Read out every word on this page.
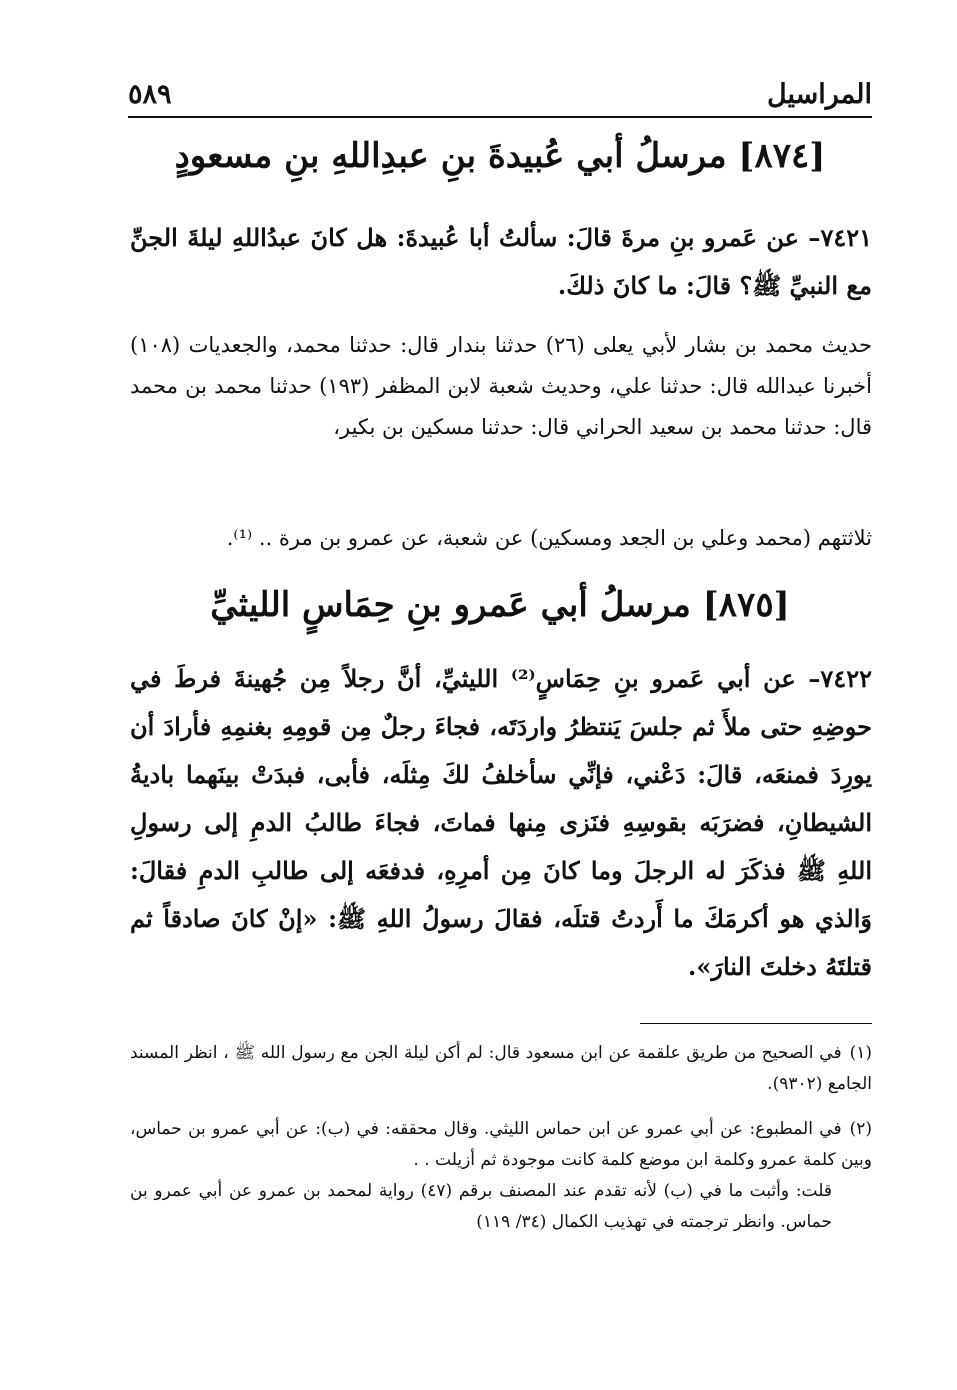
٥٨٩	المراسيل
[٨٧٤] مرسلُ أبي عُبيدةَ بنِ عبدِاللهِ بنِ مسعودٍ
٧٤٢١– عن عَمرو بنِ مرةَ قالَ: سألتُ أبا عُبيدةَ: هل كانَ عبدُاللهِ ليلةَ الجنِّ مع النبيِّ ﷺ؟ قالَ: ما كانَ ذلكَ.
حديث محمد بن بشار لأبي يعلى (٢٦) حدثنا بندار قال: حدثنا محمد، والجعديات (١٠٨) أخبرنا عبدالله قال: حدثنا علي، وحديث شعبة لابن المظفر (١٩٣) حدثنا محمد بن محمد قال: حدثنا محمد بن سعيد الحراني قال: حدثنا مسكين بن بكير،
ثلاثتهم (محمد وعلي بن الجعد ومسكين) عن شعبة، عن عمرو بن مرة .. ⁽¹⁾.
[٨٧٥] مرسلُ أبي عَمرو بنِ حِمَاسٍ الليثيِّ
٧٤٢٢– عن أبي عَمرو بنِ حِمَاسٍ⁽²⁾ الليثيِّ، أنَّ رجلاً مِن جُهينةَ فرطَ في حوضِهِ حتى ملأَ ثم جلسَ يَنتظرُ واردَتَه، فجاءَ رجلٌ مِن قومِهِ بغنمِهِ فأرادَ أن يورِدَ فمنعَه، قالَ: دَعْني، فإنِّي سأخلفُ لكَ مِثلَه، فأبى، فبدَتْ بينَهما باديةُ الشيطانِ، فضرَبَه بقوسِهِ فنَزى مِنها فماتَ، فجاءَ طالبُ الدمِ إلى رسولِ اللهِ ﷺ فذكَرَ له الرجلَ وما كانَ مِن أمرِهِ، فدفعَه إلى طالبِ الدمِ فقالَ: وَالذي هو أكرمَكَ ما أَردتُ قتلَه، فقالَ رسولُ اللهِ ﷺ: «إنْ كانَ صادقاً ثم قتلتَهُ دخلتَ النارَ».
(١)في الصحيح من طريق علقمة عن ابن مسعود قال: لم أكن ليلة الجن مع رسول الله ﷺ ، انظر المسند الجامع (٩٣٠٢).
(٢)في المطبوع: عن أبي عمرو عن ابن حماس الليثي. وقال محققه: في (ب): عن أبي عمرو بن حماس، وبين كلمة عمرو وكلمة ابن موضع كلمة كانت موجودة ثم أزيلت . .
قلت: وأثبت ما في (ب) لأنه تقدم عند المصنف برقم (٤٧) رواية لمحمد بن عمرو عن أبي عمرو بن حماس. وانظر ترجمته في تهذيب الكمال (٣٤/ ١١٩)
